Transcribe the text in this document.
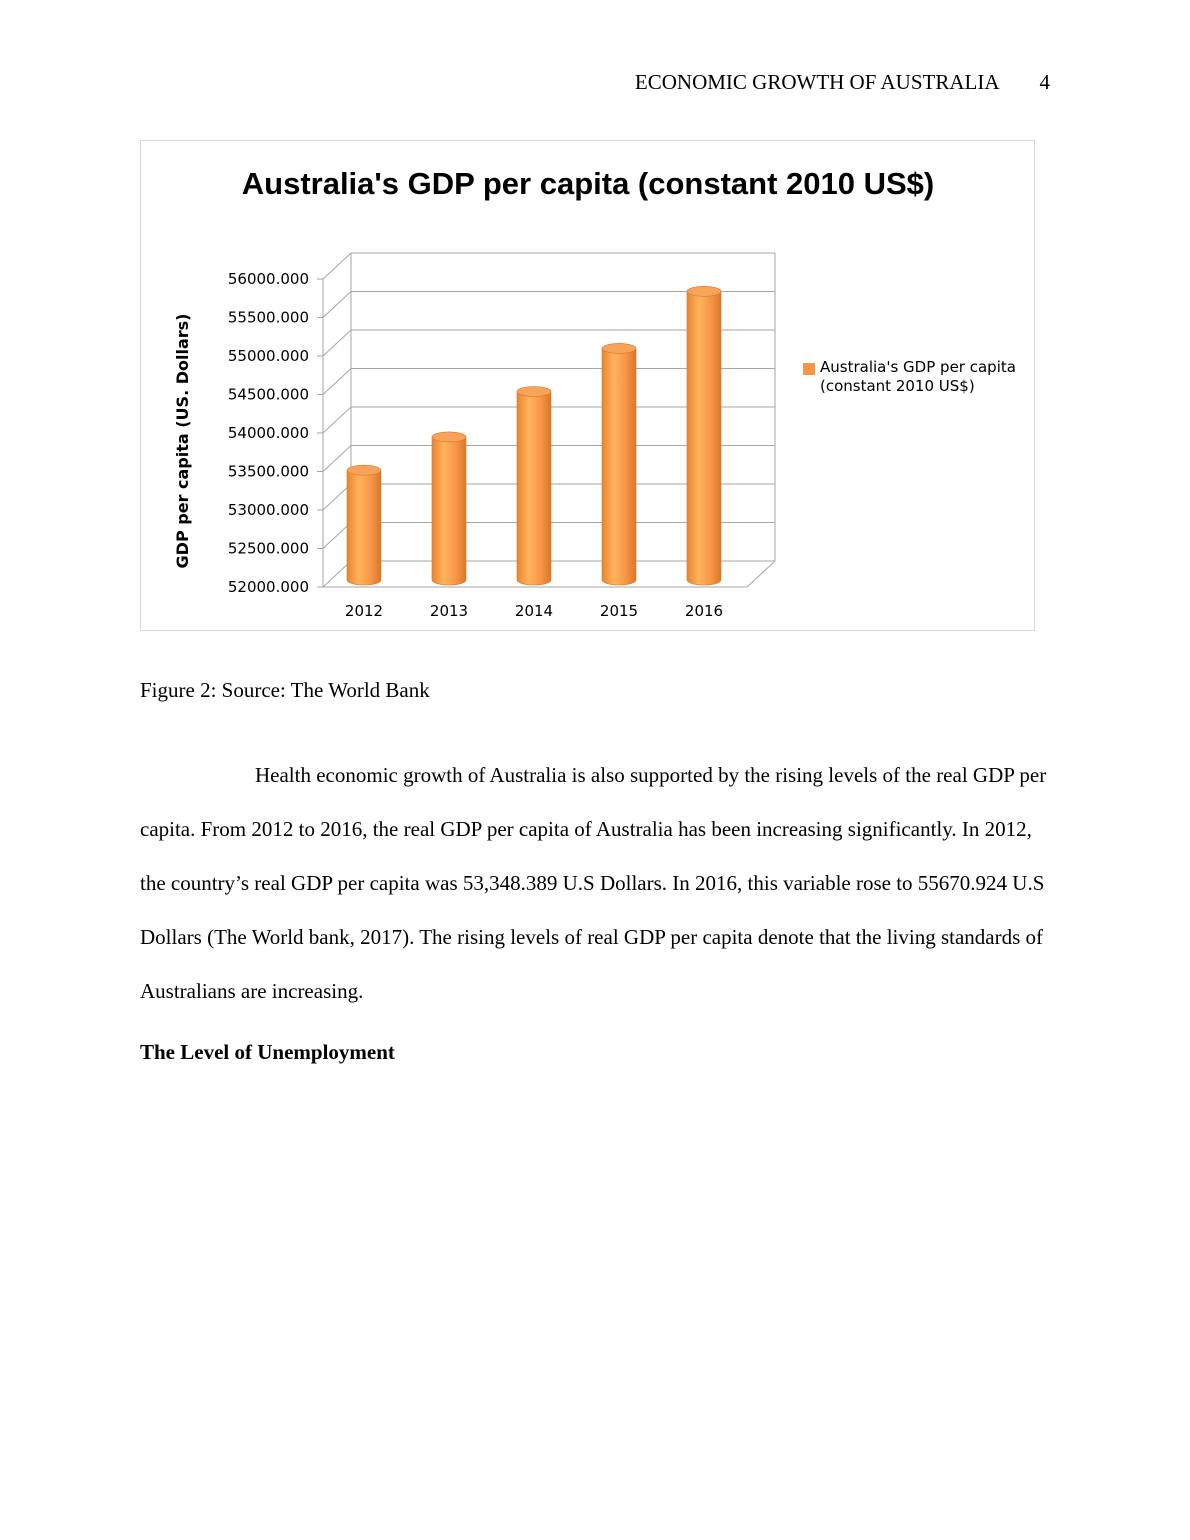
ECONOMIC GROWTH OF AUSTRALIA 4
Australia's GDP per capita (constant 2010 US$)
GDP per capita (US. Dollars)
52000.000
52500.000
53000.000
53500.000
54000.000
54500.000
55000.000
55500.000
56000.000
2012	2013	2014	2015	2016
Australia's GDP per capita
(constant 2010 US$)
Figure 2: Source: The World Bank

Health economic growth of Australia is also supported by the rising levels of the real GDP per capita. From 2012 to 2016, the real GDP per capita of Australia has been increasing significantly. In 2012, the country’s real GDP per capita was 53,348.389 U.S Dollars. In 2016, this variable rose to 55670.924 U.S Dollars (The World bank, 2017). The rising levels of real GDP per capita denote that the living standards of Australians are increasing.

The Level of Unemployment
